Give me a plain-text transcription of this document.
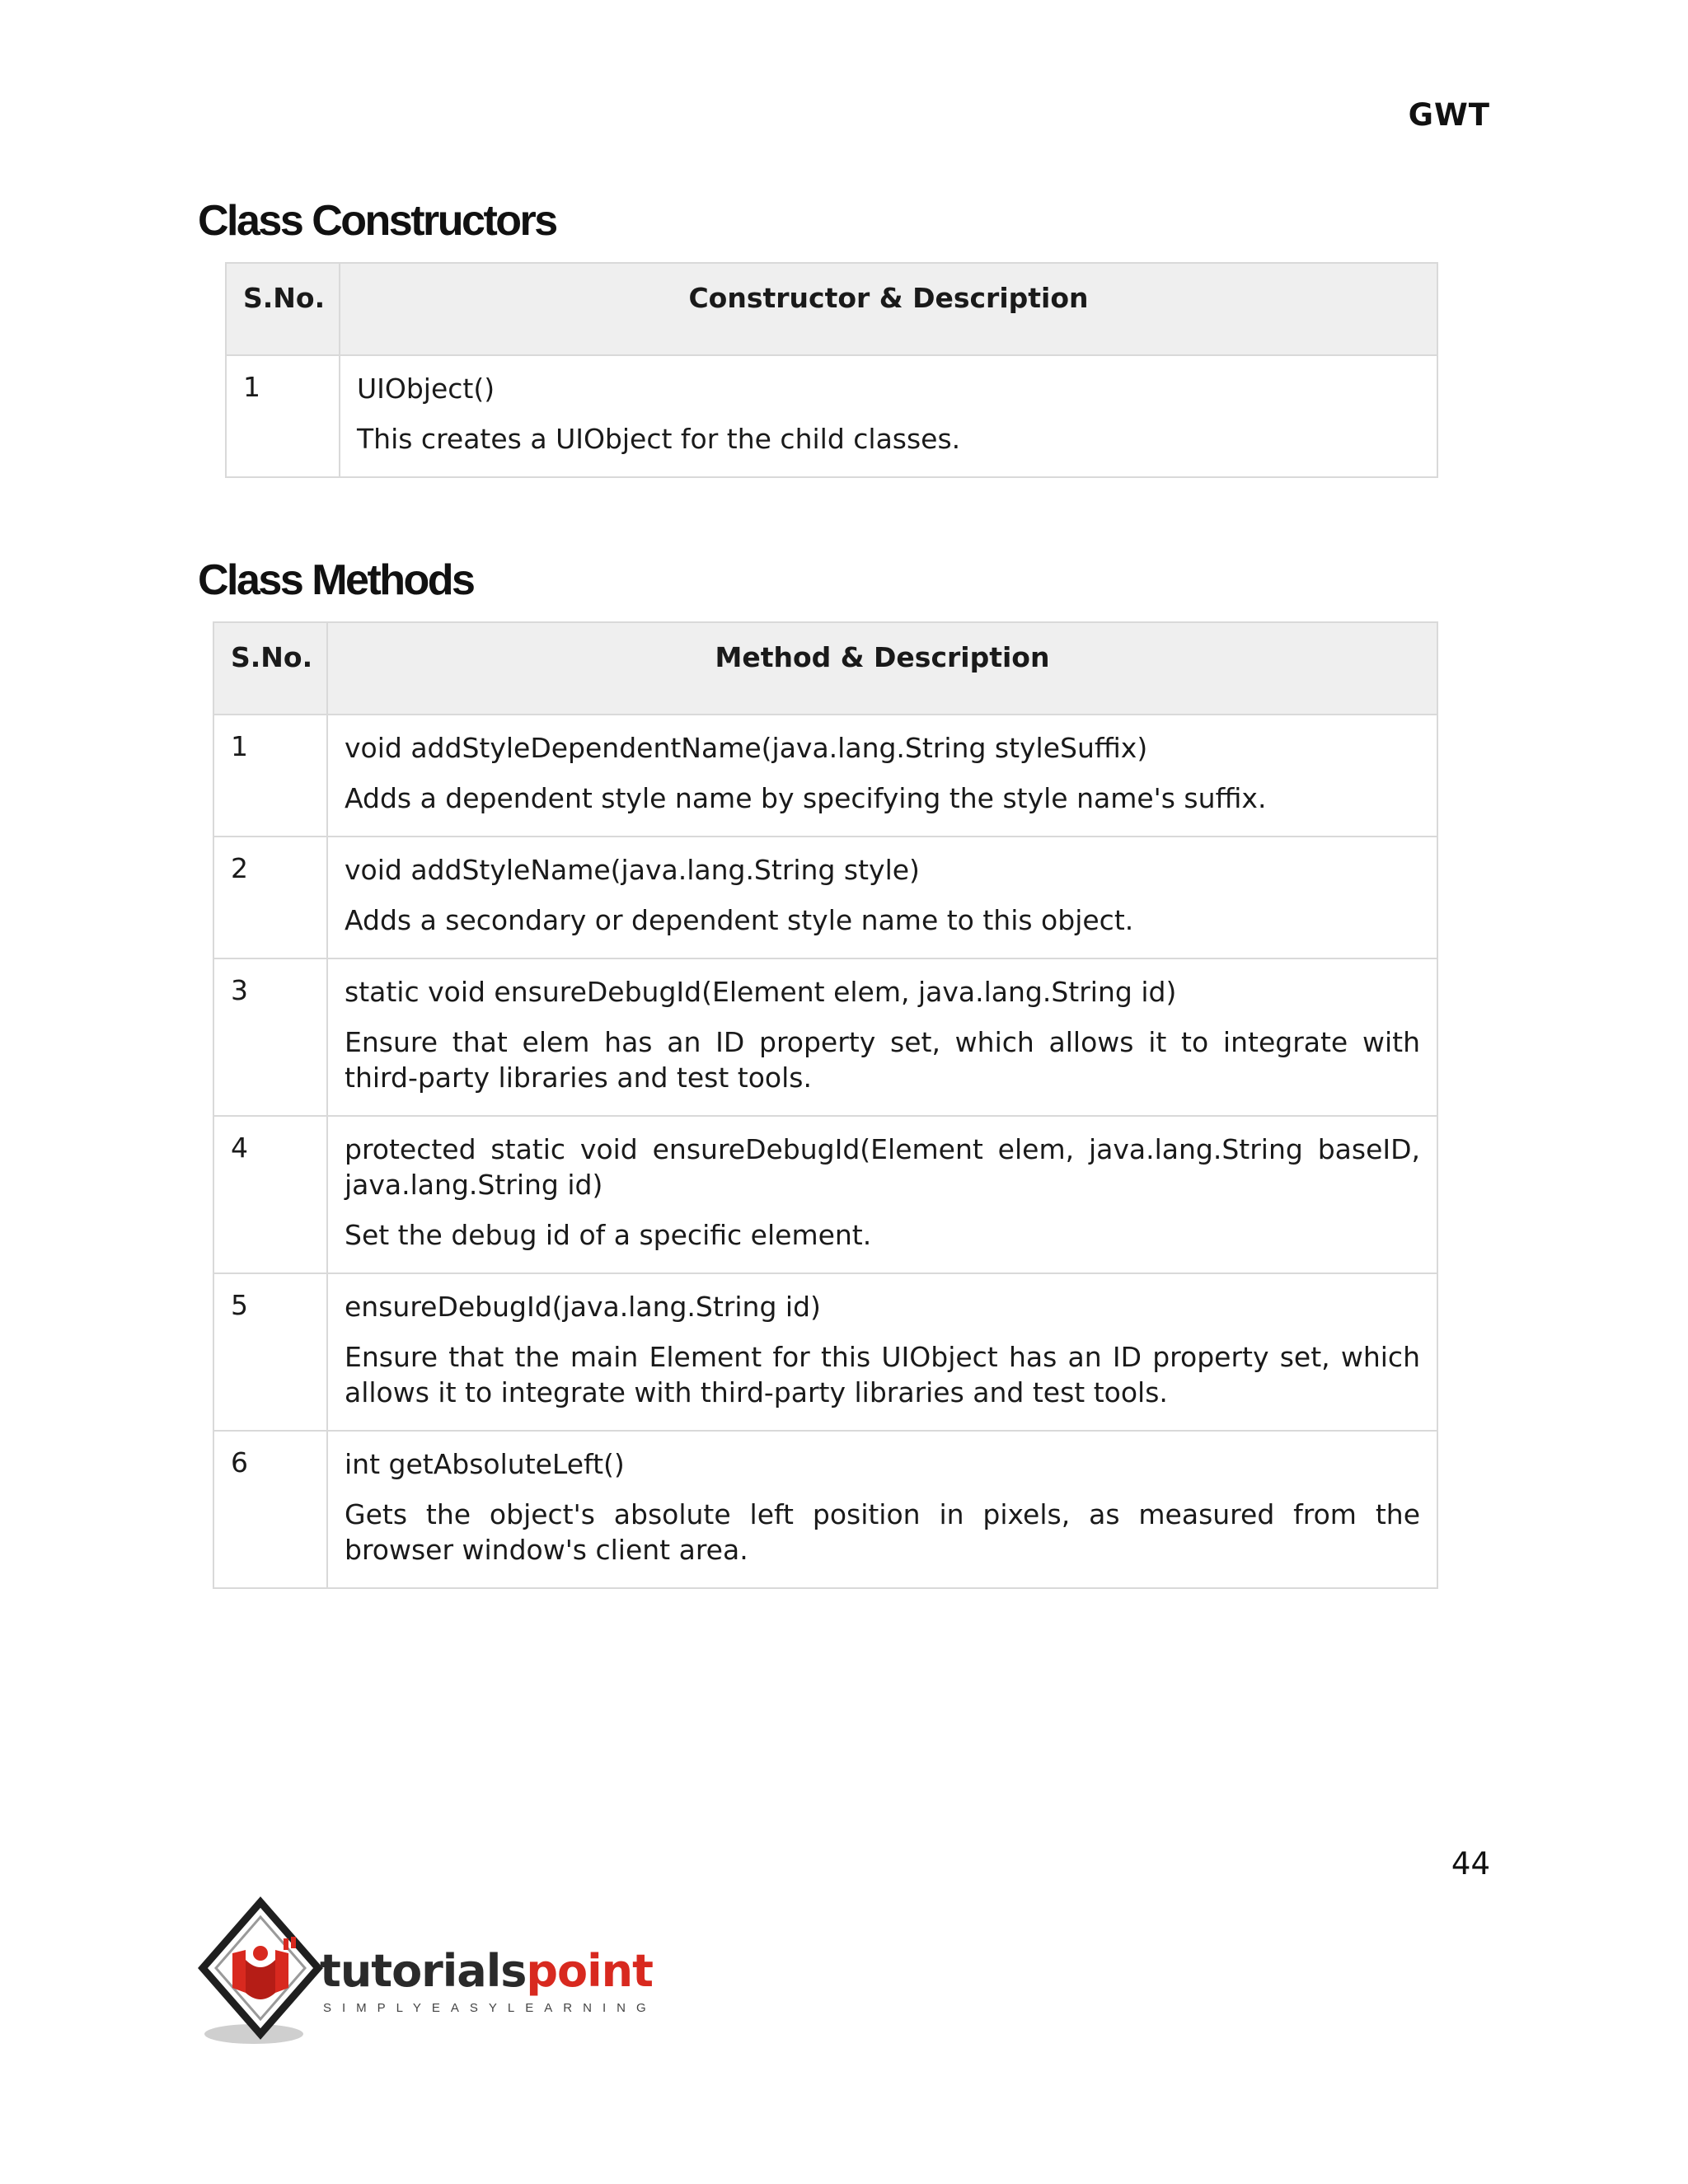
GWT
Class Constructors
S.No.	Constructor & Description
1	UIObject()

This creates a UIObject for the child classes.

Class Methods
S.No.	Method & Description
1	void addStyleDependentName(java.lang.String styleSuffix)

Adds a dependent style name by specifying the style name's suffix.

2	void addStyleName(java.lang.String style)

Adds a secondary or dependent style name to this object.

3	static void ensureDebugId(Element elem, java.lang.String id)

Ensure that elem has an ID property set, which allows it to integrate with third-party libraries and test tools.

4	protected static void ensureDebugId(Element elem, java.lang.String baseID, java.lang.String id)

Set the debug id of a specific element.

5	ensureDebugId(java.lang.String id)

Ensure that the main Element for this UIObject has an ID property set, which allows it to integrate with third-party libraries and test tools.

6	int getAbsoluteLeft()

Gets the object's absolute left position in pixels, as measured from the browser window's client area.

44
tutorialspoint
SIMPLYEASYLEARNING
